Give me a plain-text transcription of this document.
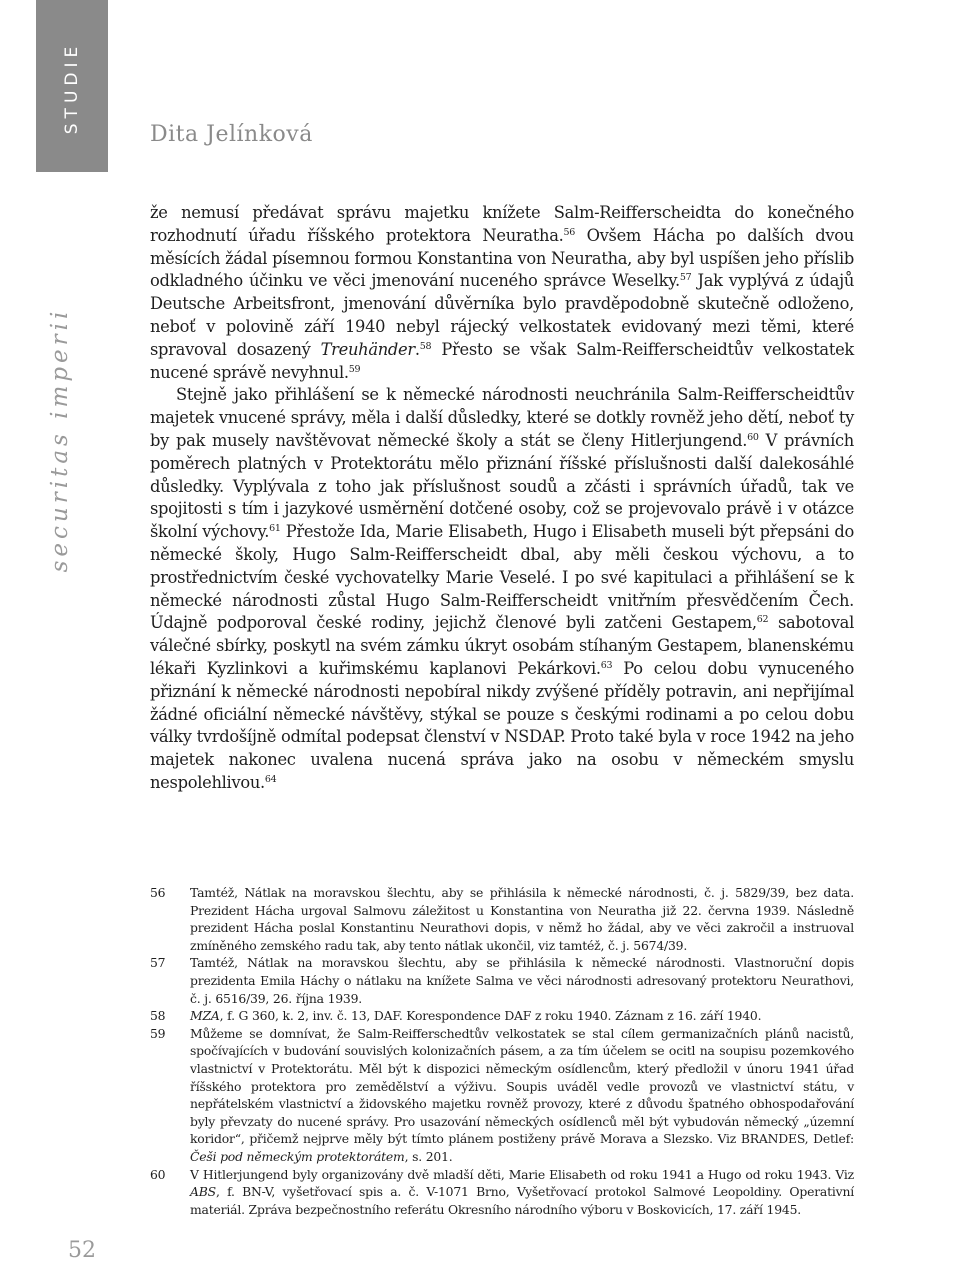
STUDIE
Dita Jelínková
securitas imperii
52

že nemusí předávat správu majetku knížete Salm-Reifferscheidta do konečného rozhodnutí úřadu říšského protektora Neuratha.$^{56}$ Ovšem Hácha po dalších dvou měsících žádal písemnou formou Konstantina von Neuratha, aby byl uspíšen jeho příslib odkladného účinku ve věci jmenování nuceného správce Weselky.$^{57}$ Jak vyplývá z údajů Deutsche Arbeitsfront, jmenování důvěrníka bylo pravděpodobně skutečně odloženo, neboť v polovině září 1940 nebyl rájecký velkostatek evidovaný mezi těmi, které spravoval dosazený Treuhänder.$^{58}$ Přesto se však Salm-Reifferscheidtův velkostatek nucené správě nevyhnul.$^{59}$

Stejně jako přihlášení se k německé národnosti neuchránila Salm-Reifferscheidtův majetek vnucené správy, měla i další důsledky, které se dotkly rovněž jeho dětí, neboť ty by pak musely navštěvovat německé školy a stát se členy Hitlerjungend.$^{60}$ V právních poměrech platných v Protektorátu mělo přiznání říšské příslušnosti další dalekosáhlé důsledky. Vyplývala z toho jak příslušnost soudů a zčásti i správních úřadů, tak ve spojitosti s tím i jazykové usměrnění dotčené osoby, což se projevovalo právě i v otázce školní výchovy.$^{61}$ Přestože Ida, Marie Elisabeth, Hugo i Elisabeth museli být přepsáni do německé školy, Hugo Salm-Reifferscheidt dbal, aby měli českou výchovu, a to prostřednictvím české vychovatelky Marie Veselé. I po své kapitulaci a přihlášení se k německé národnosti zůstal Hugo Salm-Reifferscheidt vnitřním přesvědčením Čech. Údajně podporoval české rodiny, jejichž členové byli zatčeni Gestapem,$^{62}$ sabotoval válečné sbírky, poskytl na svém zámku úkryt osobám stíhaným Gestapem, blanenskému lékaři Kyzlinkovi a kuřimskému kaplanovi Pekárkovi.$^{63}$ Po celou dobu vynuceného přiznání k německé národnosti nepobíral nikdy zvýšené příděly potravin, ani nepřijímal žádné oficiální německé návštěvy, stýkal se pouze s českými rodinami a po celou dobu války tvrdošíjně odmítal podepsat členství v NSDAP. Proto také byla v roce 1942 na jeho majetek nakonec uvalena nucená správa jako na osobu v německém smyslu nespolehlivou.$^{64}$

56	Tamtéž, Nátlak na moravskou šlechtu, aby se přihlásila k německé národnosti, č. j. 5829/39, bez data. Prezident Hácha urgoval Salmovu záležitost u Konstantina von Neuratha již 22. června 1939. Následně prezident Hácha poslal Konstantinu Neurathovi dopis, v němž ho žádal, aby ve věci zakročil a instruoval zmíněného zemského radu tak, aby tento nátlak ukončil, viz tamtéž, č. j. 5674/39.
57	Tamtéž, Nátlak na moravskou šlechtu, aby se přihlásila k německé národnosti. Vlastnoruční dopis prezidenta Emila Háchy o nátlaku na knížete Salma ve věci národnosti adresovaný protektoru Neurathovi, č. j. 6516/39, 26. října 1939.
58	MZA, f. G 360, k. 2, inv. č. 13, DAF. Korespondence DAF z roku 1940. Záznam z 16. září 1940.
59	Můžeme se domnívat, že Salm-Reifferschedtův velkostatek se stal cílem germanizačních plánů nacistů, spočívajících v budování souvislých kolonizačních pásem, a za tím účelem se ocitl na soupisu pozemkového vlastnictví v Protektorátu. Měl být k dispozici německým osídlencům, který předložil v únoru 1941 úřad říšského protektora pro zemědělství a výživu. Soupis uváděl vedle provozů ve vlastnictví státu, v nepřátelském vlastnictví a židovského majetku rovněž provozy, které z důvodu špatného obhospodařování byly převzaty do nucené správy. Pro usazování německých osídlenců měl být vybudován německý „územní koridor“, přičemž nejprve měly být tímto plánem postiženy právě Morava a Slezsko. Viz BRANDES, Detlef: Češi pod německým protektorátem, s. 201.
60	V Hitlerjungend byly organizovány dvě mladší děti, Marie Elisabeth od roku 1941 a Hugo od roku 1943. Viz ABS, f. BN-V, vyšetřovací spis a. č. V-1071 Brno, Vyšetřovací protokol Salmové Leopoldiny. Operativní materiál. Zpráva bezpečnostního referátu Okresního národního výboru v Boskovicích, 17. září 1945.
